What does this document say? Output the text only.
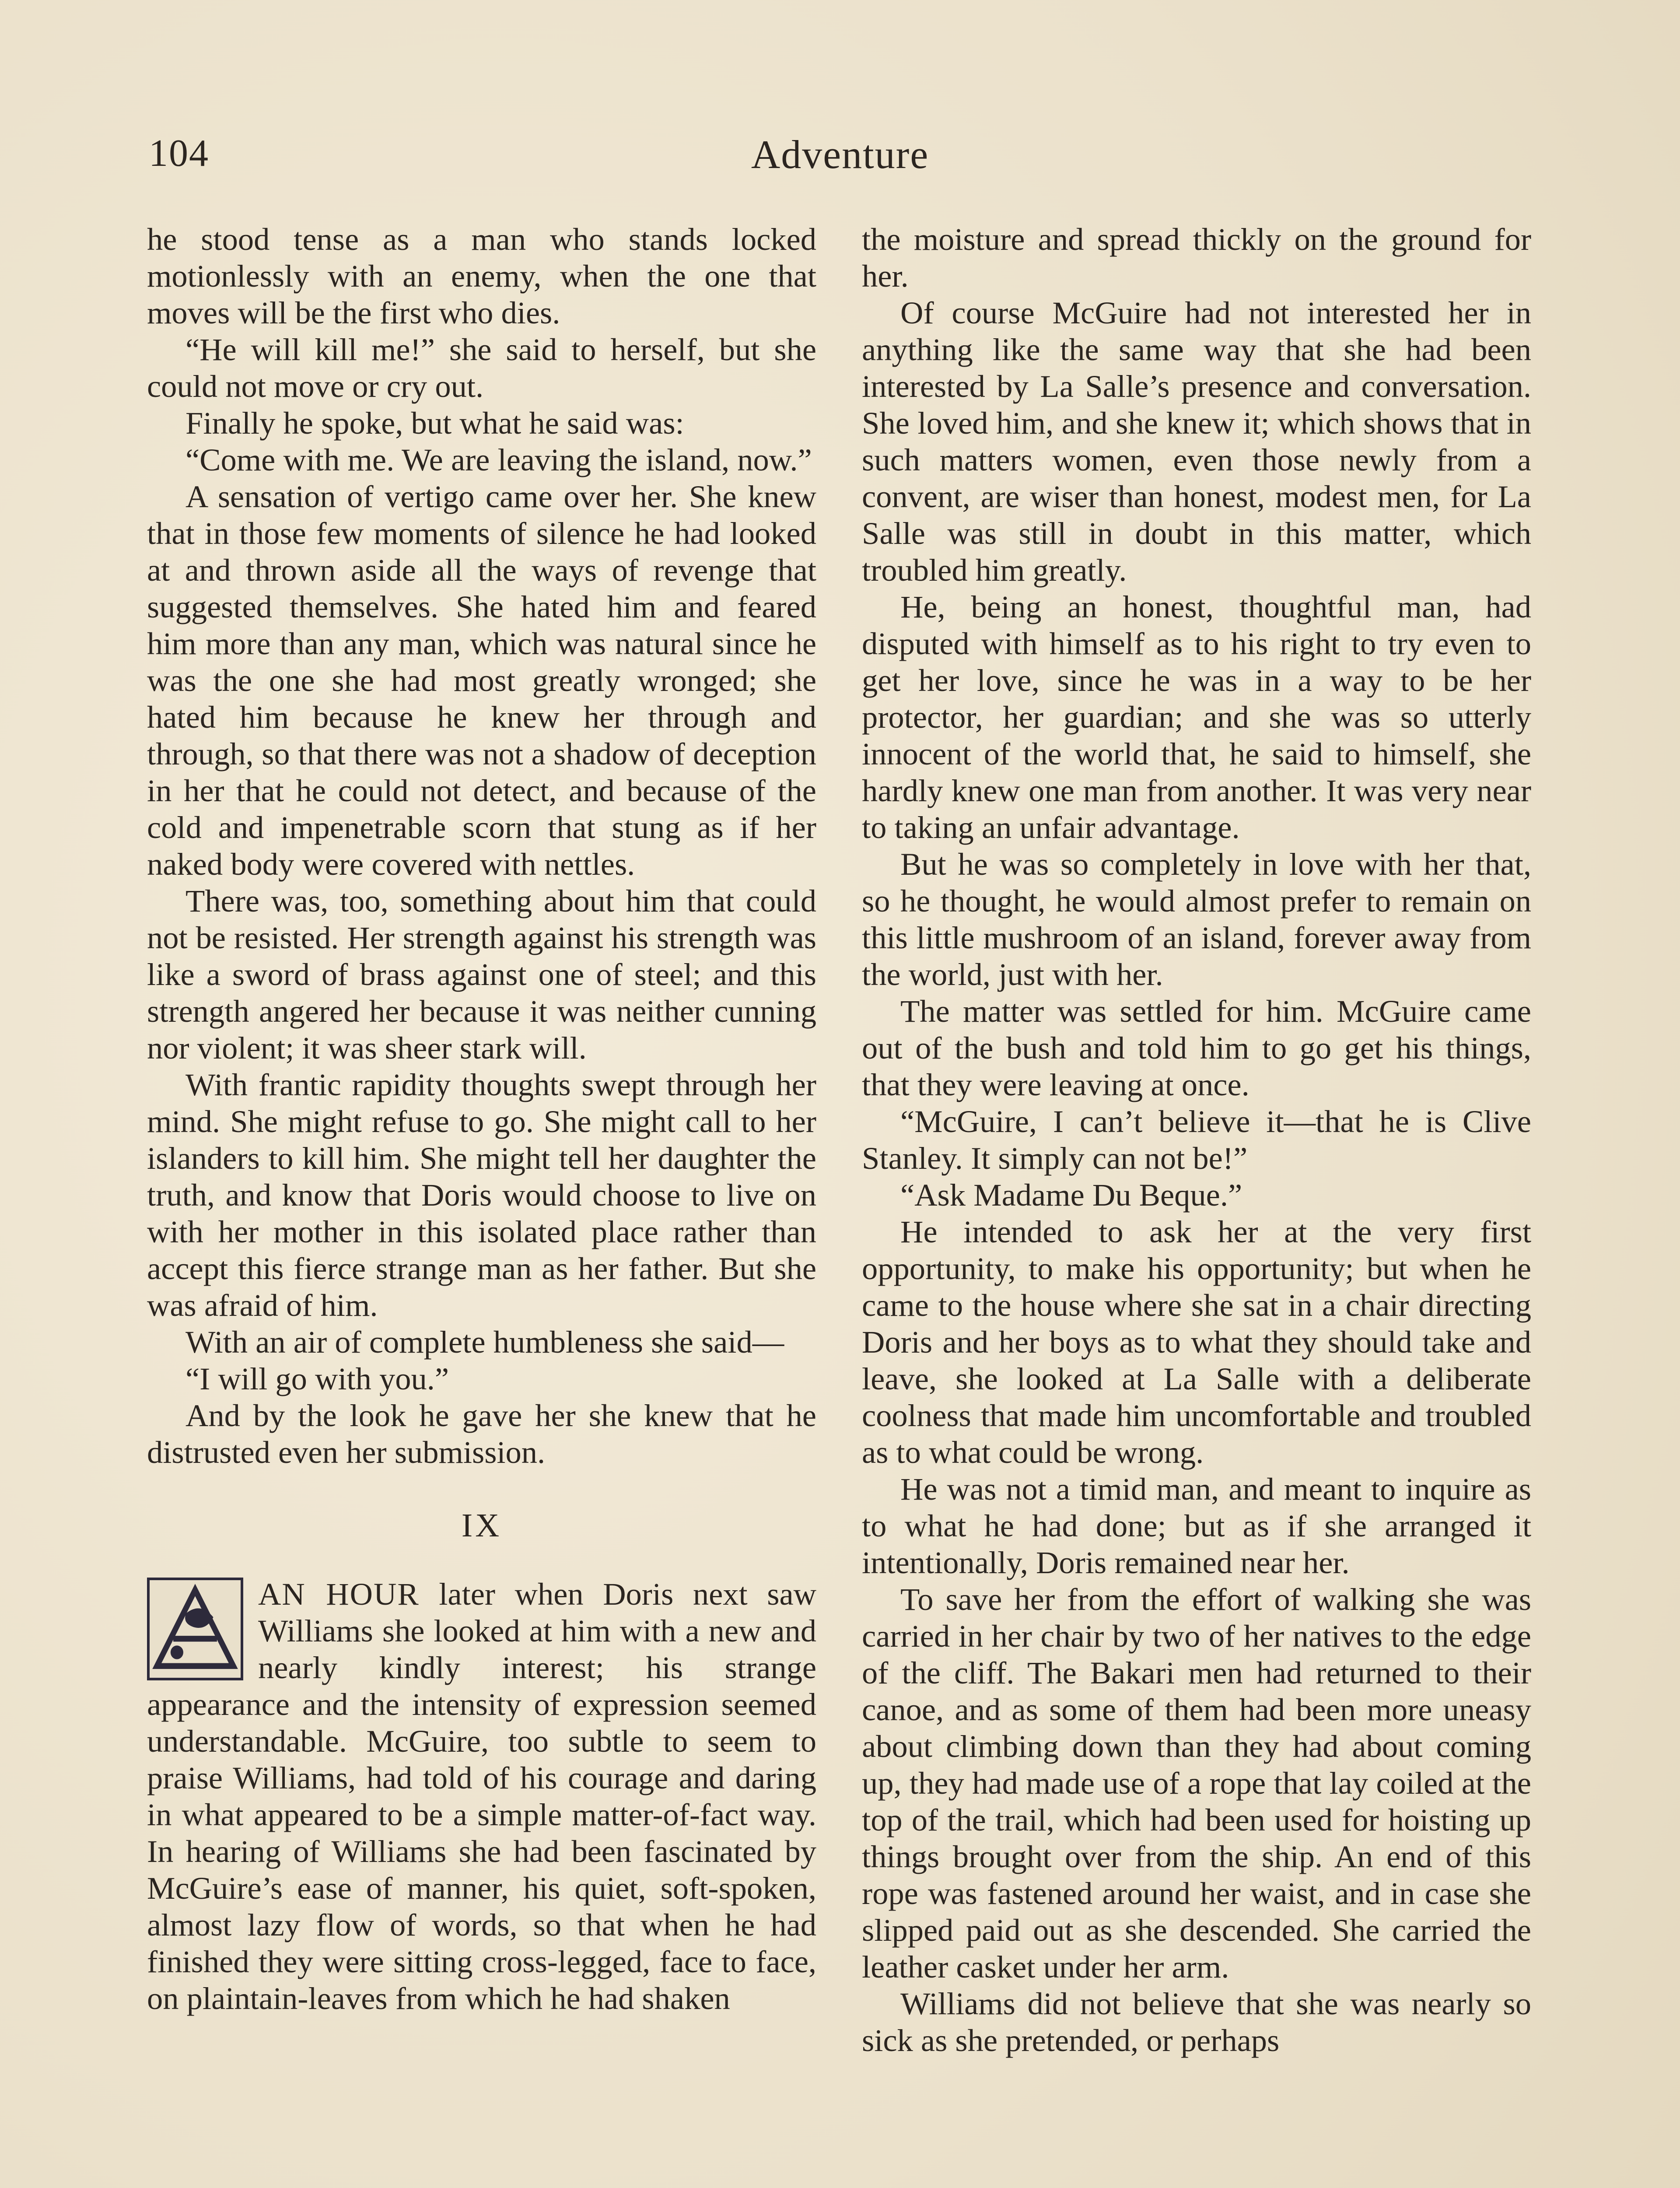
104	Adventure

he stood tense as a man who stands locked motionlessly with an enemy, when the one that moves will be the first who dies.

“He will kill me!” she said to herself, but she could not move or cry out.

Finally he spoke, but what he said was:

“Come with me. We are leaving the island, now.”

A sensation of vertigo came over her. She knew that in those few moments of silence he had looked at and thrown aside all the ways of revenge that suggested themselves. She hated him and feared him more than any man, which was natural since he was the one she had most greatly wronged; she hated him because he knew her through and through, so that there was not a shadow of deception in her that he could not detect, and because of the cold and impenetrable scorn that stung as if her naked body were covered with nettles.

There was, too, something about him that could not be resisted. Her strength against his strength was like a sword of brass against one of steel; and this strength angered her because it was neither cunning nor violent; it was sheer stark will.

With frantic rapidity thoughts swept through her mind. She might refuse to go. She might call to her islanders to kill him. She might tell her daughter the truth, and know that Doris would choose to live on with her mother in this isolated place rather than accept this fierce strange man as her father. But she was afraid of him.

With an air of complete humbleness she said—

“I will go with you.”

And by the look he gave her she knew that he distrusted even her submission.

IX

AN HOUR later when Doris next saw Williams she looked at him with a new and nearly kindly interest; his strange appearance and the intensity of expression seemed understandable. McGuire, too subtle to seem to praise Williams, had told of his courage and daring in what appeared to be a simple matter-of-fact way. In hearing of Williams she had been fascinated by McGuire’s ease of manner, his quiet, soft-spoken, almost lazy flow of words, so that when he had finished they were sitting cross-legged, face to face, on plaintain-leaves from which he had shaken

the moisture and spread thickly on the ground for her.

Of course McGuire had not interested her in anything like the same way that she had been interested by La Salle’s presence and conversation. She loved him, and she knew it; which shows that in such matters women, even those newly from a convent, are wiser than honest, modest men, for La Salle was still in doubt in this matter, which troubled him greatly.

He, being an honest, thoughtful man, had disputed with himself as to his right to try even to get her love, since he was in a way to be her protector, her guardian; and she was so utterly innocent of the world that, he said to himself, she hardly knew one man from another. It was very near to taking an unfair advantage.

But he was so completely in love with her that, so he thought, he would almost prefer to remain on this little mushroom of an island, forever away from the world, just with her.

The matter was settled for him. McGuire came out of the bush and told him to go get his things, that they were leaving at once.

“McGuire, I can’t believe it—that he is Clive Stanley. It simply can not be!”

“Ask Madame Du Beque.”

He intended to ask her at the very first opportunity, to make his opportunity; but when he came to the house where she sat in a chair directing Doris and her boys as to what they should take and leave, she looked at La Salle with a deliberate coolness that made him uncomfortable and troubled as to what could be wrong.

He was not a timid man, and meant to inquire as to what he had done; but as if she arranged it intentionally, Doris remained near her.

To save her from the effort of walking she was carried in her chair by two of her natives to the edge of the cliff. The Bakari men had returned to their canoe, and as some of them had been more uneasy about climbing down than they had about coming up, they had made use of a rope that lay coiled at the top of the trail, which had been used for hoisting up things brought over from the ship. An end of this rope was fastened around her waist, and in case she slipped paid out as she descended. She carried the leather casket under her arm.

Williams did not believe that she was nearly so sick as she pretended, or perhaps
